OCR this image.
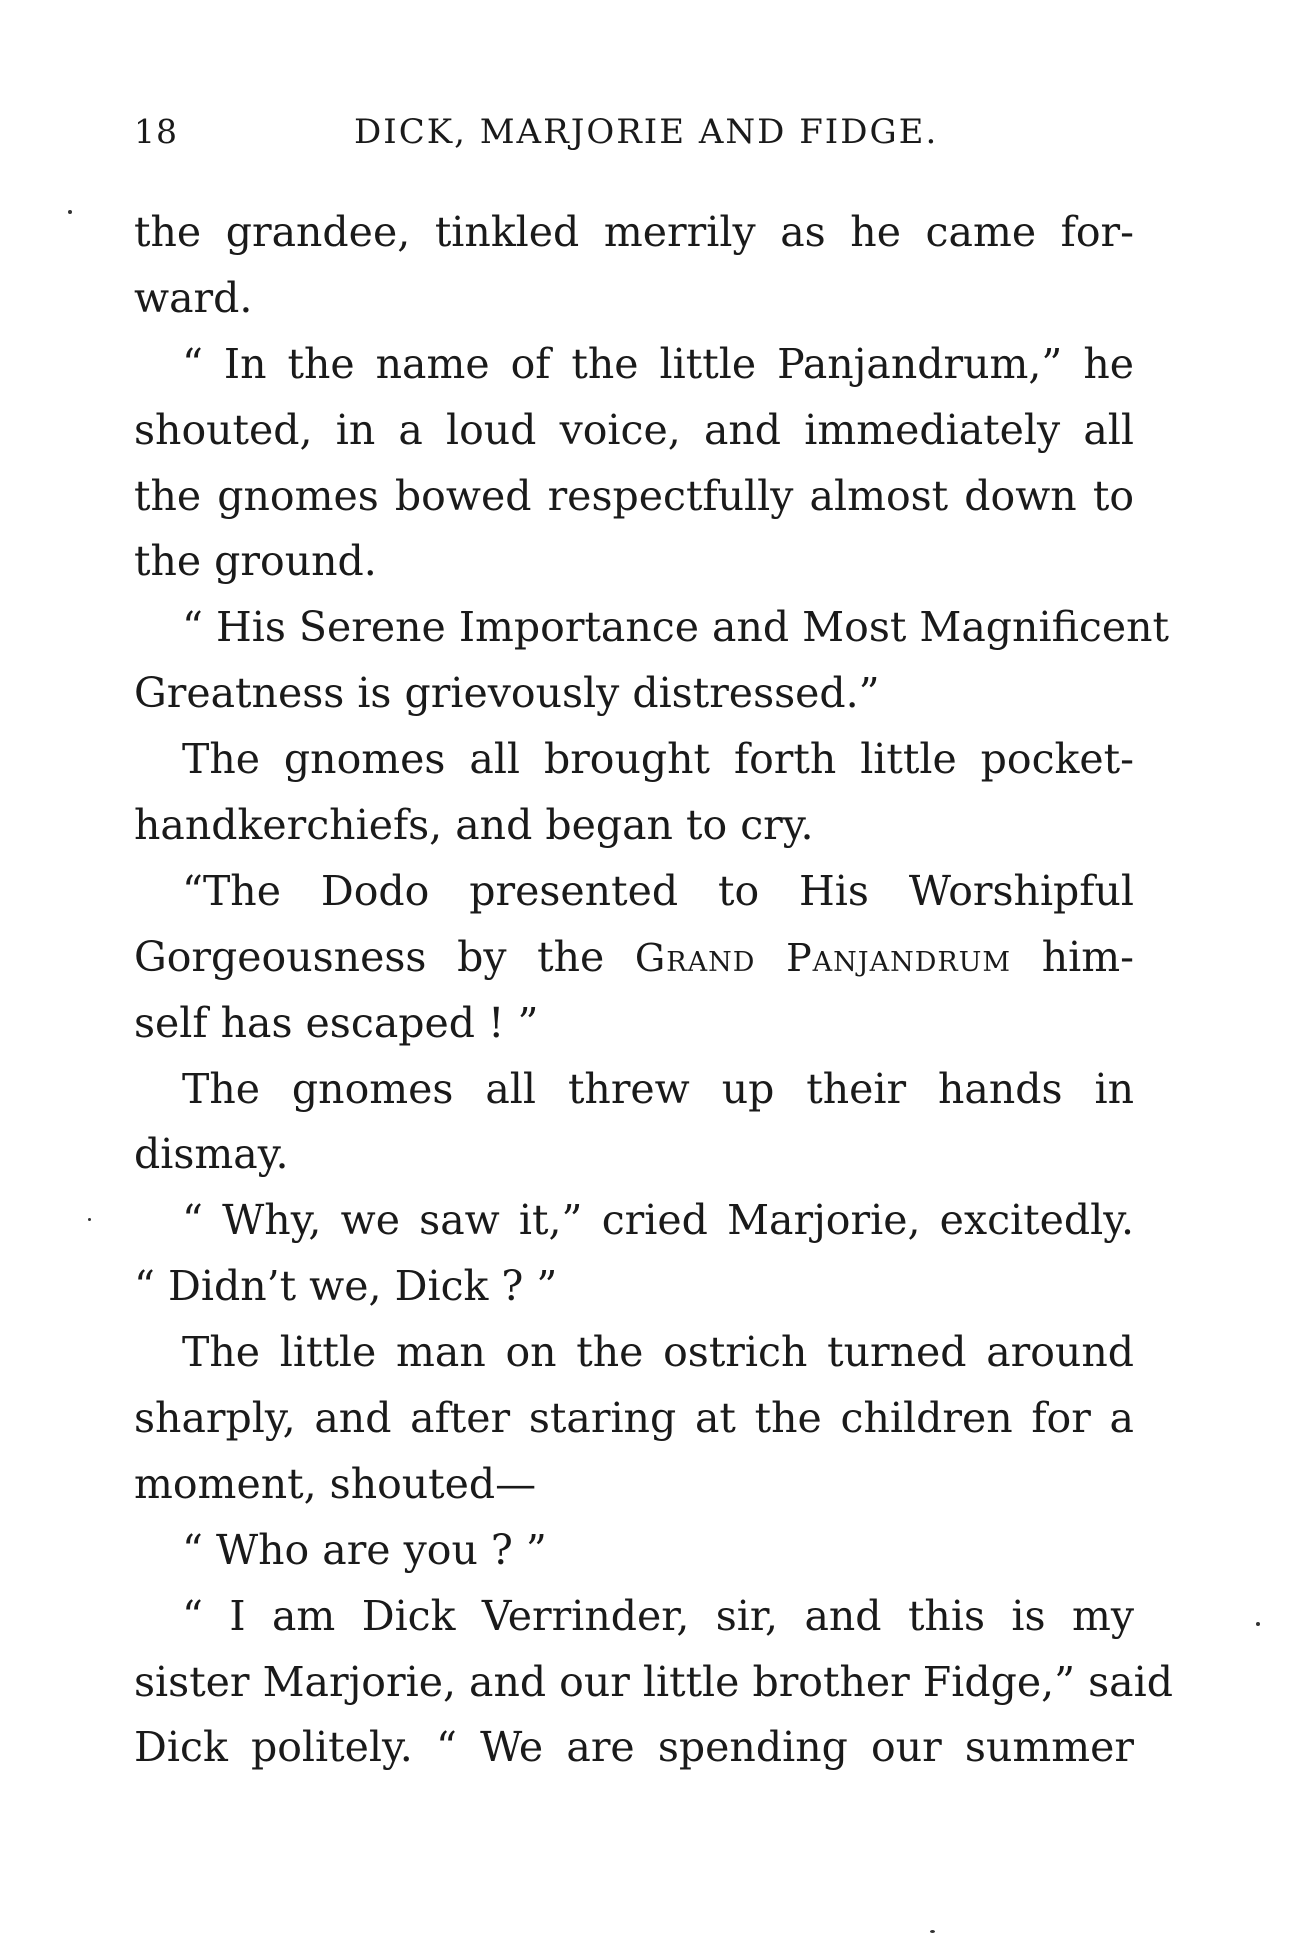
18	DICK, MARJORIE AND FIDGE.
the grandee, tinkled merrily as he came for-
ward.
“ In the name of the little Panjandrum,” he
shouted, in a loud voice, and immediately all
the gnomes bowed respectfully almost down to
the ground.
“ His Serene Importance and Most Magnificent
Greatness is grievously distressed.”
The gnomes all brought forth little pocket-
handkerchiefs, and began to cry.
“The Dodo presented to His Worshipful
Gorgeousness by the Grand Panjandrum him-
self has escaped ! ”
The gnomes all threw up their hands in
dismay.
“ Why, we saw it,” cried Marjorie, excitedly.
“ Didn’t we, Dick ? ”
The little man on the ostrich turned around
sharply, and after staring at the children for a
moment, shouted—
“ Who are you ? ”
“ I am Dick Verrinder, sir, and this is my
sister Marjorie, and our little brother Fidge,” said
Dick politely. “ We are spending our summer
